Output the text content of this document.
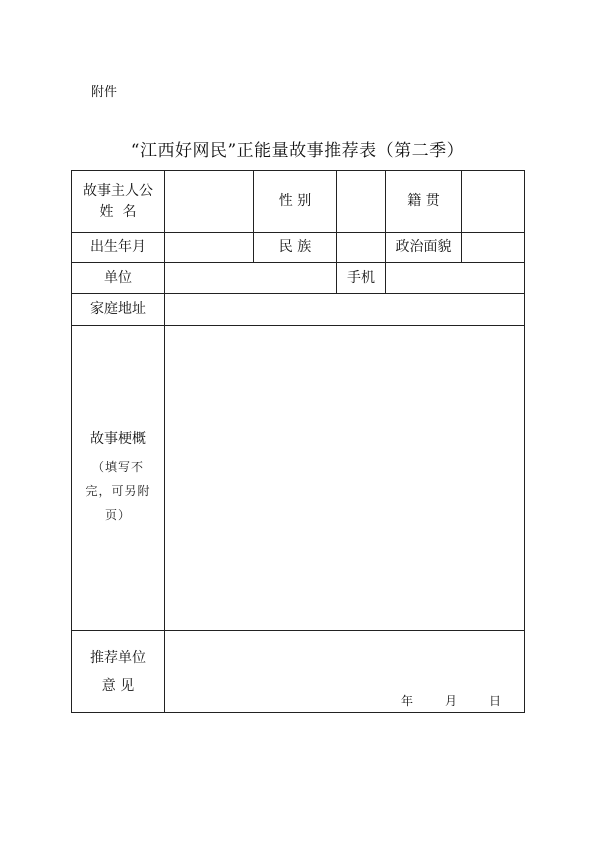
附件
“江西好网民”正能量故事推荐表（第二季）
故事主人公
姓  名
性 别	籍 贯
出生年月	民 族	政治面貌
单位	手机
家庭地址
故事梗概
（填写不
完，可另附
页）
推荐单位
意 见
年	月	日
